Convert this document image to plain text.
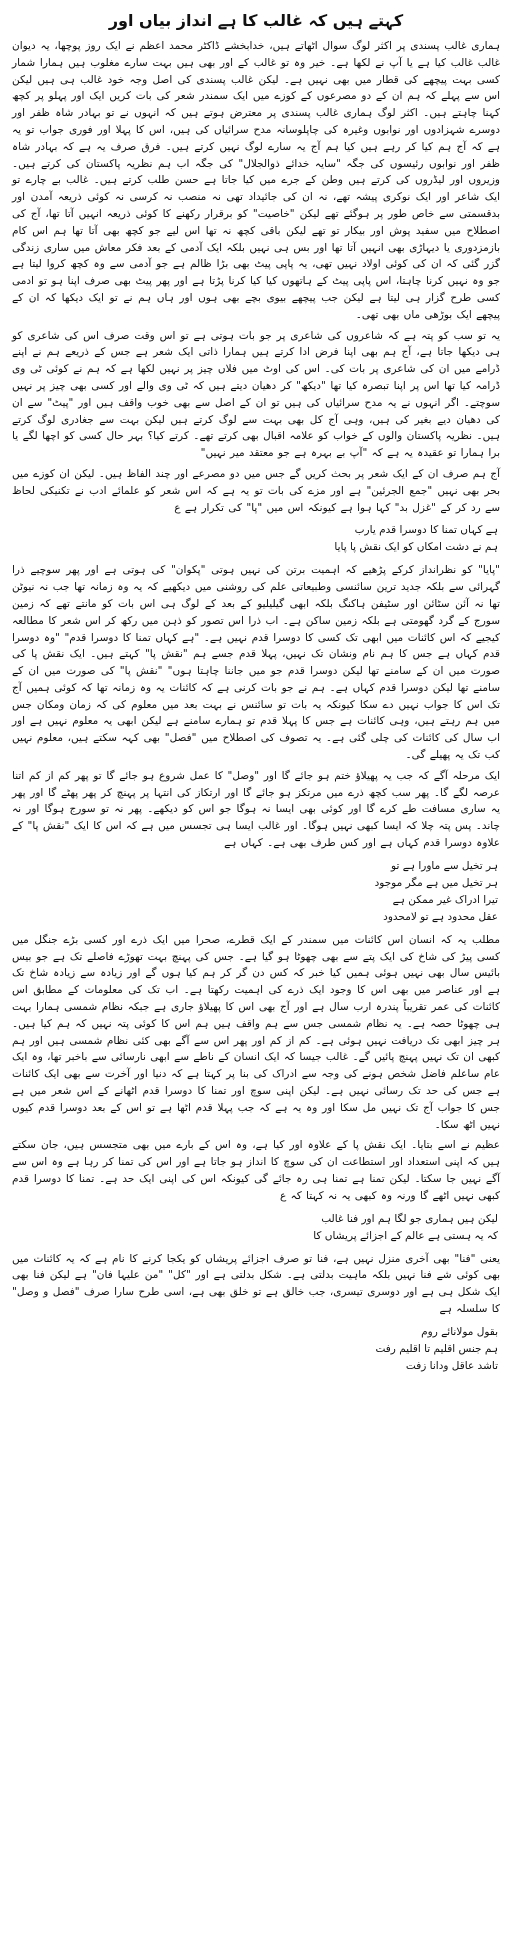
کہتے ہیں کہ غالب کا ہے انداز بیاں اور
ہماری غالب پسندی پر اکثر لوگ سوال اٹھاتے ہیں، خدابخشے ڈاکٹر محمد اعظم نے ایک روز پوچھا، یہ دیوان غالب غالب کیا ہے یا آپ نے لکھا ہے۔ خیر وہ تو غالب کے اور بھی ہیں بہت سارے مغلوب ہیں ہمارا شمار کسی بہت پیچھے کی قطار میں بھی نہیں ہے۔ لیکن غالب پسندی کی اصل وجہ خود غالب ہی ہیں لیکن اس سے پہلے کہ ہم ان کے دو مصرعوں کے کوزے میں ایک سمندر شعر کی بات کریں ایک اور پہلو پر کچھ کہنا چاہتے ہیں۔ اکثر لوگ ہماری غالب پسندی پر معترض ہوتے ہیں کہ انہوں نے تو بہادر شاہ ظفر اور دوسرے شہزادوں اور نوابوں وغیرہ کی چاپلوسانہ مدح سرائیاں کی ہیں، اس کا پہلا اور فوری جواب تو یہ ہے کہ آج ہم کیا کر رہے ہیں کیا ہم آج یہ سارے لوگ نہیں کرتے ہیں۔ فرق صرف یہ ہے کہ بہادر شاہ ظفر اور نوابوں رئیسوں کی جگہ "سایہ خدائے ذوالجلال" کی جگہ اب ہم نظریہ پاکستان کی کرتے ہیں۔ وزیروں اور لیڈروں کی کرتے ہیں وطن کے جرے میں کیا جاتا ہے حسن طلب کرتے ہیں۔ غالب بے چارے تو ایک شاعر اور ایک نوکری پیشہ تھے، نہ ان کی جائیداد تھی نہ منصب نہ کرسی نہ کوئی ذریعہ آمدن اور بدقسمتی سے خاص طور پر ہوگئے تھے لیکن "خاصیت" کو برقرار رکھنے کا کوئی ذریعہ انہیں آتا تھا، آج کی اصطلاح میں سفید پوش اور بیکار تو تھے لیکن باقی کچھ نہ تھا اس لیے جو کچھ بھی آتا تھا ہم اس کام بازمزدوری یا دیہاڑی بھی انہیں آتا تھا اور بس ہی نہیں بلکہ ایک آدمی کے بعد فکر معاش میں ساری زندگی گزر گئی کہ ان کی کوئی اولاد نہیں تھی، یہ پاپی پیٹ بھی بڑا ظالم ہے جو آدمی سے وہ کچھ کروا لیتا ہے جو وہ نہیں کرنا چاہتا، اس پاپی پیٹ کے ہاتھوں کیا کیا کرنا پڑتا ہے اور پھر پیٹ بھی صرف اپنا ہو تو ادمی کسی طرح گزار ہی لیتا ہے لیکن جب پیچھے بیوی بچے بھی ہوں اور ہاں ہم نے تو ایک دیکھا کہ ان کے پیچھے ایک بوڑھی ماں بھی تھی۔
یہ تو سب کو پتہ ہے کہ شاعروں کی شاعری پر جو بات ہوتی ہے تو اس وقت صرف اس کی شاعری کو ہی دیکھا جاتا ہے، آج ہم بھی اپنا فرض ادا کرتے ہیں ہمارا ذاتی ایک شعر ہے جس کے ذریعے ہم نے اپنے ڈرامے میں ان کی شاعری پر بات کی۔ اس کی اوٹ میں فلاں چیز پر نہیں لکھا ہے کہ ہم نے کوئی ٹی وی ڈرامہ کیا تھا اس پر اپنا تبصرہ کیا تھا "دیکھ" کر دھیان دیتے ہیں کہ ٹی وی والے اور کسی بھی چیز پر نہیں سوچتے۔ اگر انہوں نے یہ مدح سرائیاں کی ہیں تو ان کے اصل سے بھی خوب واقف ہیں اور "پیٹ" سے ان کی دھیان دیے بغیر کی ہیں، وہی آج کل بھی بہت سے لوگ کرتے ہیں لیکن بہت سے جغادری لوگ کرتے ہیں۔ نظریہ پاکستان والوں کے خواب کو علامہ اقبال بھی کرتے تھے۔ کرتے کیا؟ بہر حال کسی کو اچھا لگے یا برا ہمارا تو عقیدہ یہ ہے کہ "آپ بے بہرہ ہے جو معتقد میر نہیں"
آج ہم صرف ان کے ایک شعر پر بحث کریں گے جس میں دو مصرعے اور چند الفاظ ہیں۔ لیکن ان کوزے میں بحر بھی نہیں "جمع الجرئین" ہے اور مزے کی بات تو یہ ہے کہ اس شعر کو علمائے ادب نے تکنیکی لحاظ سے رد کر کے "غزل بد" کہا ہوا ہے کیونکہ اس میں "پا" کی تکرار ہے ع
ہے کہاں تمنا کا دوسرا قدم یارب
ہم نے دشت امکاں کو ایک نقش پا پایا
"پایا" کو نظرانداز کرکے پڑھیے کہ اہمیت برتن کی نہیں ہوتی "پکوان" کی ہوتی ہے اور پھر سوچیے ذرا گہرائی سے بلکہ جدید ترین سائنسی وطبیعاتی علم کی روشنی میں دیکھیے کہ یہ وہ زمانہ تھا جب نہ نیوٹن تھا نہ آئن سٹائن اور سٹیفن ہاکنگ بلکہ ابھی گیلیلیو کے بعد کے لوگ ہی اس بات کو مانتے تھے کہ زمین سورج کے گرد گھومتی ہے بلکہ زمین ساکن ہے۔ اب ذرا اس تصور کو ذہن میں رکھ کر اس شعر کا مطالعہ کیجیے کہ اس کائنات میں ابھی تک کسی کا دوسرا قدم نہیں ہے۔ "ہے کہاں تمنا کا دوسرا قدم" "وہ دوسرا قدم کہاں ہے جس کا ہم نام ونشان تک نہیں، پہلا قدم جسے ہم "نقش پا" کہتے ہیں۔ ایک نقش پا کی صورت میں ان کے سامنے تھا لیکن دوسرا قدم جو میں جاننا چاہتا ہوں" "نقش پا" کی صورت میں ان کے سامنے تھا لیکن دوسرا قدم کہاں ہے۔ ہم نے جو بات کرنی ہے کہ کائنات یہ وہ زمانہ تھا کہ کوئی ہمیں آج تک اس کا جواب نہیں دے سکا کیونکہ یہ بات تو سائنس نے بہت بعد میں معلوم کی کہ زمان ومکان جس میں ہم رہتے ہیں، وہی کائنات ہے جس کا پہلا قدم تو ہمارے سامنے ہے لیکن ابھی یہ معلوم نہیں ہے اور اب سال کی کائنات کی چلی گئی ہے۔ یہ تصوف کی اصطلاح میں "فصل" بھی کہہ سکتے ہیں، معلوم نہیں کب تک یہ پھیلے گی۔
ایک مرحلہ آگے کہ جب یہ پھیلاؤ ختم ہو جائے گا اور "وصل" کا عمل شروع ہو جائے گا تو پھر کم از کم اتنا عرصہ لگے گا۔ پھر سب کچھ ذرے میں مرتکز ہو جائے گا اور ارتکاز کی انتہا پر پہنچ کر پھر پھٹے گا اور پھر یہ ساری مسافت طے کرے گا اور کوئی بھی ایسا نہ ہوگا جو اس کو دیکھے۔ پھر نہ تو سورج ہوگا اور نہ چاند۔ پس پتہ چلا کہ ایسا کبھی نہیں ہوگا۔ اور غالب ایسا ہی تجسس میں ہے کہ اس کا ایک "نقش پا" کے علاوہ دوسرا قدم کہاں ہے اور کس طرف بھی ہے۔ کہاں ہے
ہر تخیل سے ماورا ہے تو
ہر تخیل میں ہے مگر موجود
تیرا ادراک غیر ممکن ہے
عقل محدود ہے تو لامحدود
مطلب یہ کہ انسان اس کائنات میں سمندر کے ایک قطرے، صحرا میں ایک ذرے اور کسی بڑے جنگل میں کسی پیڑ کی شاخ کی ایک پتے سے بھی چھوٹا ہو گیا ہے۔ جس کی پہنچ بہت تھوڑے فاصلے تک ہے جو بیس بائیس سال بھی نہیں ہوئی ہمیں کیا خبر کہ کس دن گر کر ہم کیا ہوں گے اور زیادہ سے زیادہ شاخ تک ہے اور عناصر میں بھی اس کا وجود ایک ذرے کی اہمیت رکھتا ہے۔ اب تک کی معلومات کے مطابق اس کائنات کی عمر تقریباً پندرہ ارب سال ہے اور آج بھی اس کا پھیلاؤ جاری ہے جبکہ نظام شمسی ہمارا بہت ہی چھوٹا حصہ ہے۔ یہ نظام شمسی جس سے ہم واقف ہیں ہم اس کا کوئی پتہ نہیں کہ ہم کیا ہیں۔ ہر چیز ابھی تک دریافت نہیں ہوئی ہے۔ کم از کم اور پھر اس سے آگے بھی کئی نظام شمسی ہیں اور ہم کبھی ان تک نہیں پہنچ پائیں گے۔ غالب جیسا کہ ایک انسان کے ناطے سے ابھی نارسائی سے باخبر تھا، وہ ایک عام ساعلم فاضل شخص ہونے کی وجہ سے ادراک کی بنا پر کہتا ہے کہ دنیا اور آخرت سے بھی ایک کائنات ہے جس کی حد تک رسائی نہیں ہے۔ لیکن اپنی سوچ اور تمنا کا دوسرا قدم اٹھانے کے اس شعر میں ہے جس کا جواب آج تک نہیں مل سکا اور وہ یہ ہے کہ جب پہلا قدم اٹھا ہے تو اس کے بعد دوسرا قدم کیوں نہیں اٹھ سکا۔
عظیم نے اسے بتایا۔ ایک نقش پا کے علاوہ اور کیا ہے، وہ اس کے بارے میں بھی متجسس ہیں، جان سکتے ہیں کہ اپنی استعداد اور استطاعت ان کی سوچ کا انداز ہو جاتا ہے اور اس کی تمنا کر رہا ہے وہ اس سے آگے نہیں جا سکتا۔ لیکن تمنا ہے تمنا ہی رہ جائے گی کیونکہ اس کی اپنی ایک حد ہے۔ تمنا کا دوسرا قدم کبھی نہیں اٹھے گا ورنہ وہ کبھی یہ نہ کہتا کہ ع
لیکن ہیں ہماری جو لگا ہم اور فنا غالب
کہ یہ ہستی ہے عالم کے اجزائے پریشاں کا
یعنی "فنا" بھی آخری منزل نہیں ہے، فنا تو صرف اجزائے پریشاں کو یکجا کرنے کا نام ہے کہ یہ کائنات میں بھی کوئی شے فنا نہیں بلکہ ماہیت بدلتی ہے۔ شکل بدلتی ہے اور "کل" "من علیہا فان" ہے لیکن فنا بھی ایک شکل ہی ہے اور دوسری تیسری، جب خالق ہے تو خلق بھی ہے، اسی طرح سارا صرف "فصل و وصل" کا سلسلہ ہے
بقول مولانائے روم
ہم جنس اقلیم تا اقلیم رفت
تاشد عاقل ودانا زفت
